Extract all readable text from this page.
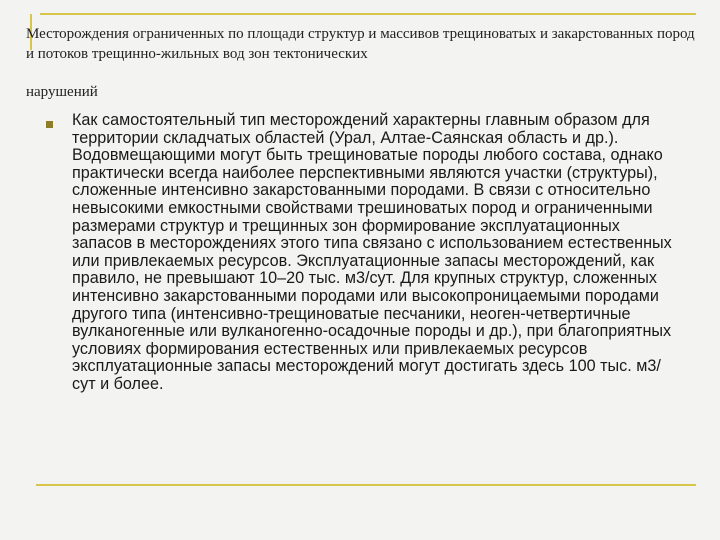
Месторождения ограниченных по площади структур и массивов трещиноватых и закарстованных пород и потоков трещинно-жильных вод зон тектонических
нарушений

Как самостоятельный тип месторождений характерны главным образом для территории складчатых областей (Урал, Алтае-Саянская область и др.). Водовмещающими могут быть трещиноватые породы любого состава, однако практически всегда наиболее перспективными являются участки (структуры), сложенные интенсивно закарстованными породами. В связи с относительно невысокими емкостными свойствами трешиноватых пород и ограниченными размерами структур и трещинных зон формирование эксплуатационных запасов в месторождениях этого типа связано с использованием естественных или привлекаемых ресурсов. Эксплуатационные запасы месторождений, как правило, не превышают 10–20 тыс. м3/сут. Для крупных структур, сложенных интенсивно закарстованными породами или высокопроницаемыми породами другого типа (интенсивно-трещиноватые песчаники, неоген-четвертичные вулканогенные или вулканогенно-осадочные породы и др.), при благоприятных условиях формирования естественных или привлекаемых ресурсов эксплуатационные запасы месторождений могут достигать здесь 100 тыс. м3/сут и более.
